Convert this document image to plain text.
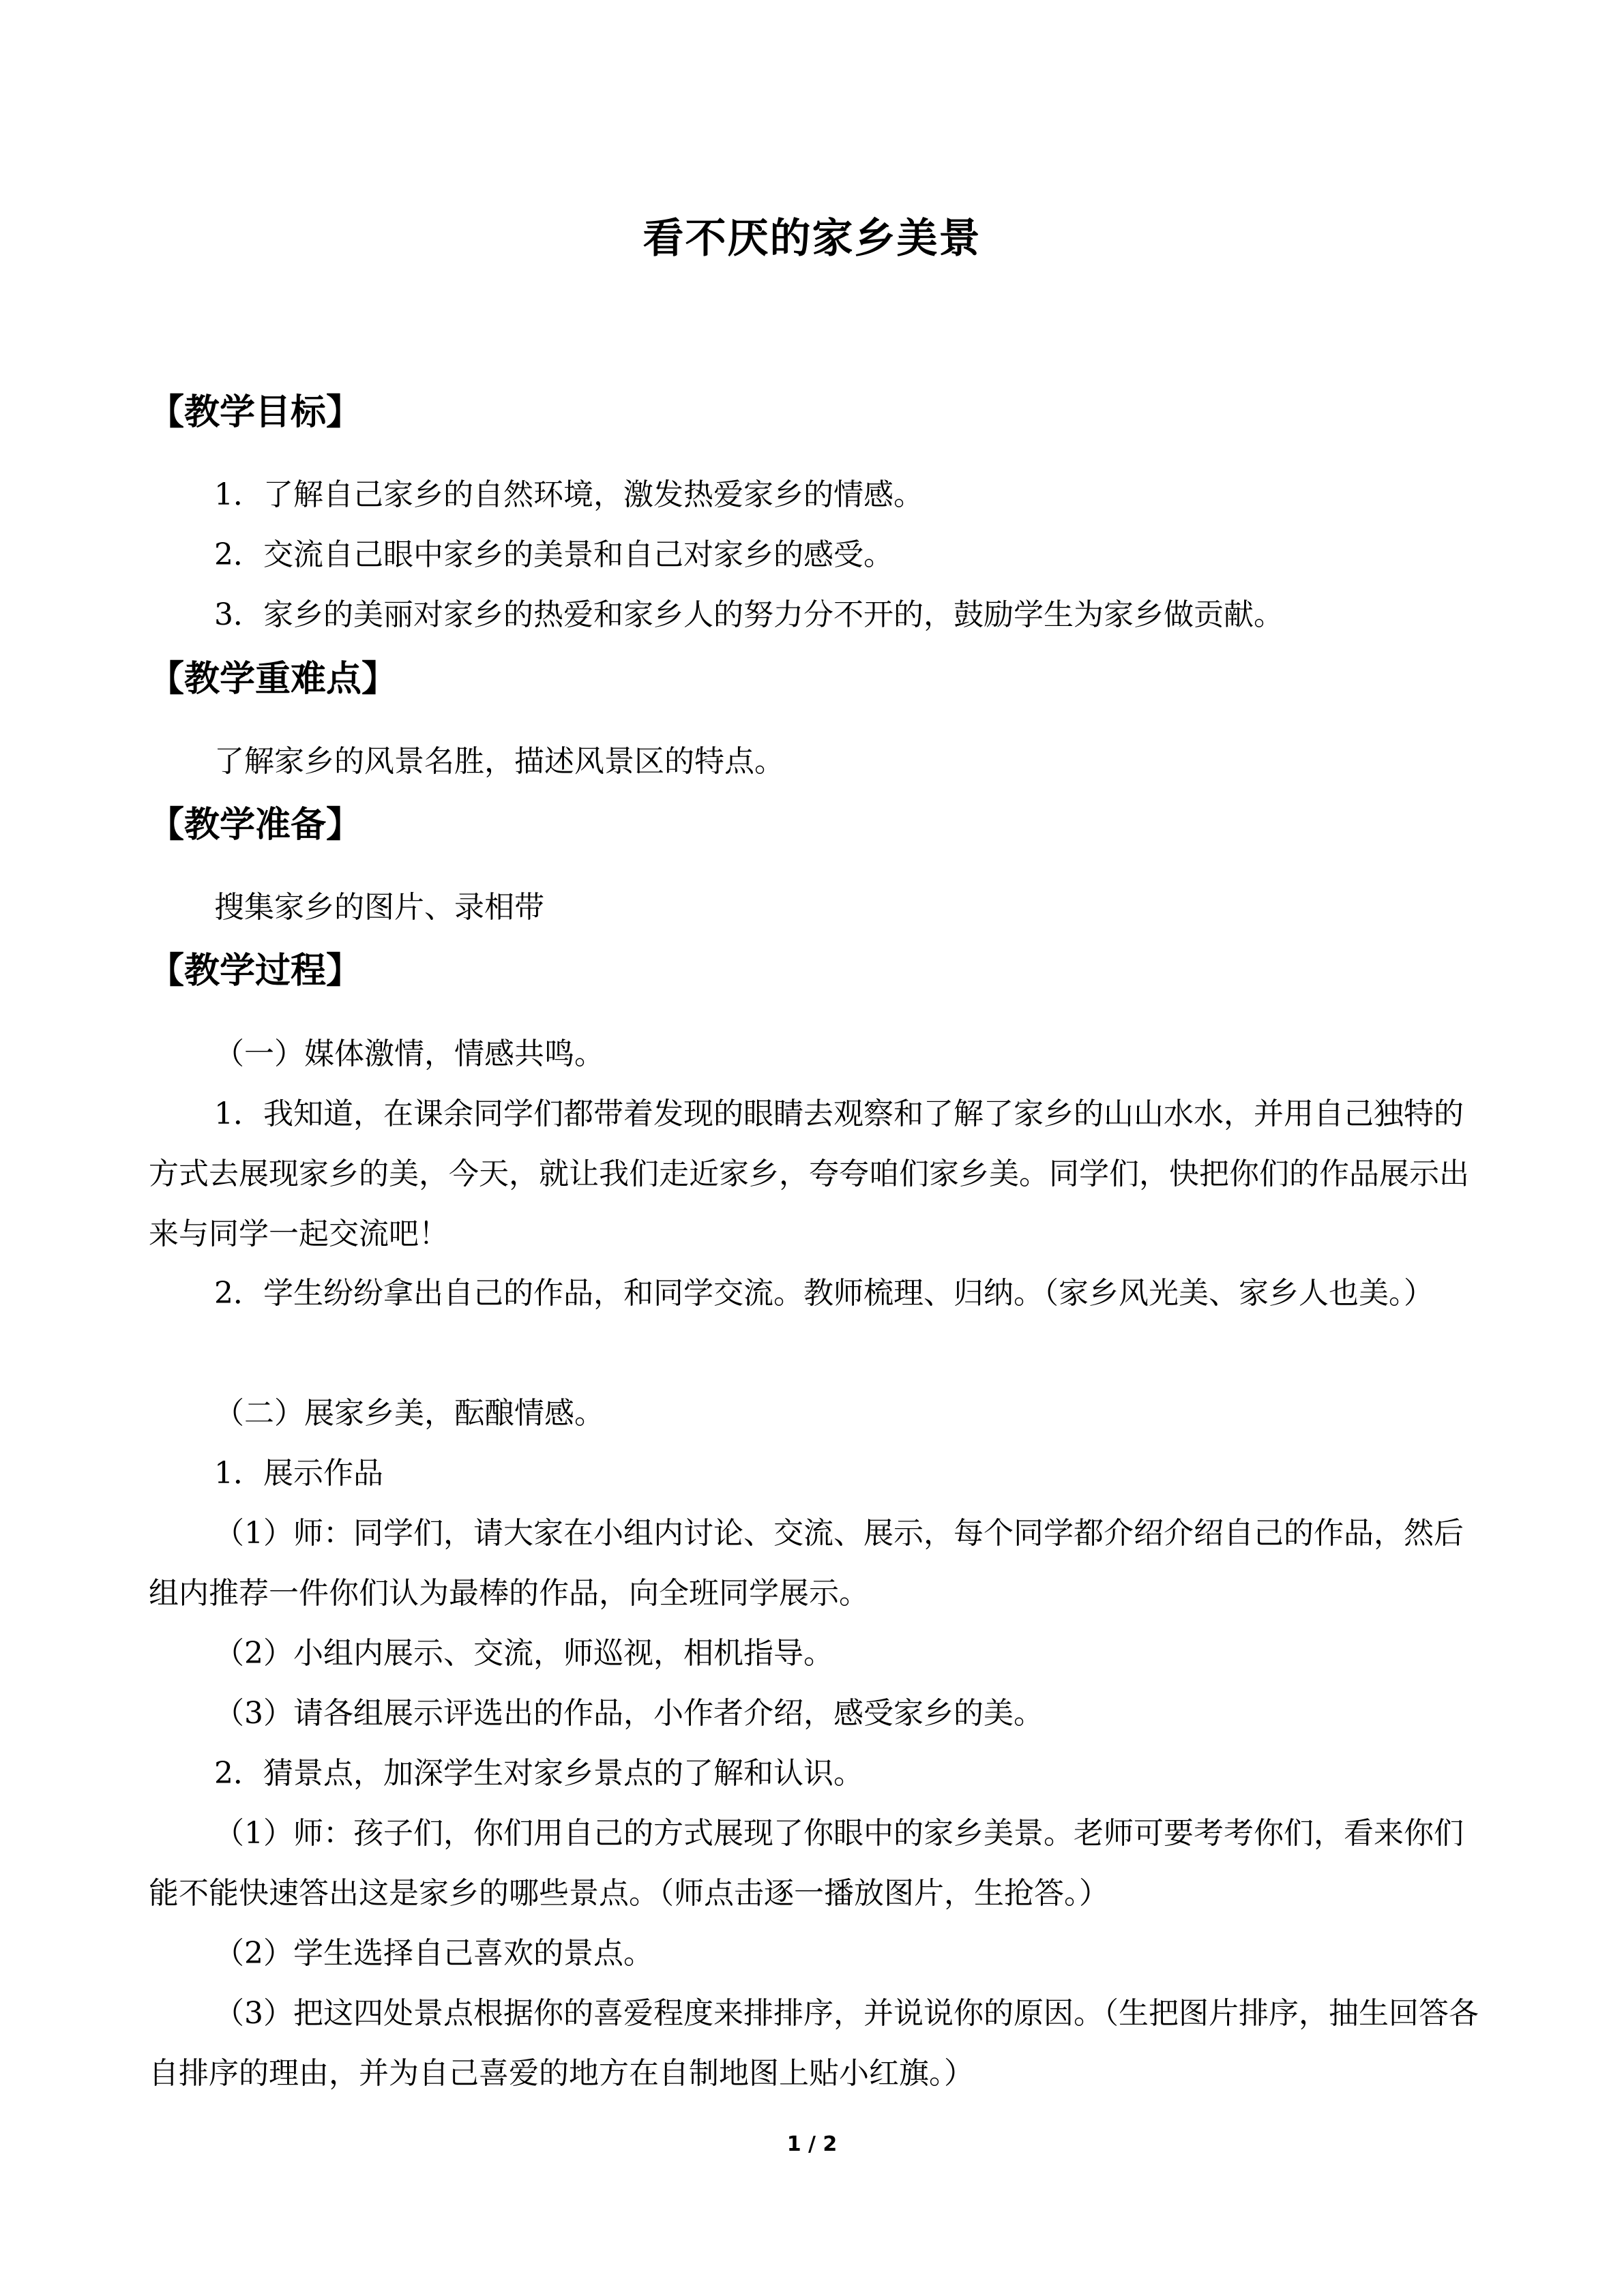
看不厌的家乡美景
【教学目标】
1．了解自己家乡的自然环境，激发热爱家乡的情感。
2．交流自己眼中家乡的美景和自己对家乡的感受。
3．家乡的美丽对家乡的热爱和家乡人的努力分不开的，鼓励学生为家乡做贡献。
【教学重难点】
了解家乡的风景名胜，描述风景区的特点。
【教学准备】
搜集家乡的图片、录相带
【教学过程】
（一）媒体激情，情感共鸣。
1．我知道，在课余同学们都带着发现的眼睛去观察和了解了家乡的山山水水，并用自己独特的方式去展现家乡的美，今天，就让我们走近家乡，夸夸咱们家乡美。同学们，快把你们的作品展示出来与同学一起交流吧！
2．学生纷纷拿出自己的作品，和同学交流。教师梳理、归纳。（家乡风光美、家乡人也美。）
（二）展家乡美，酝酿情感。
1．展示作品
（1）师：同学们，请大家在小组内讨论、交流、展示，每个同学都介绍介绍自己的作品，然后组内推荐一件你们认为最棒的作品，向全班同学展示。
（2）小组内展示、交流，师巡视，相机指导。
（3）请各组展示评选出的作品，小作者介绍，感受家乡的美。
2．猜景点，加深学生对家乡景点的了解和认识。
（1）师：孩子们，你们用自己的方式展现了你眼中的家乡美景。老师可要考考你们，看来你们能不能快速答出这是家乡的哪些景点。（师点击逐一播放图片，生抢答。）
（2）学生选择自己喜欢的景点。
（3）把这四处景点根据你的喜爱程度来排排序，并说说你的原因。（生把图片排序，抽生回答各自排序的理由，并为自己喜爱的地方在自制地图上贴小红旗。）
1 / 2
